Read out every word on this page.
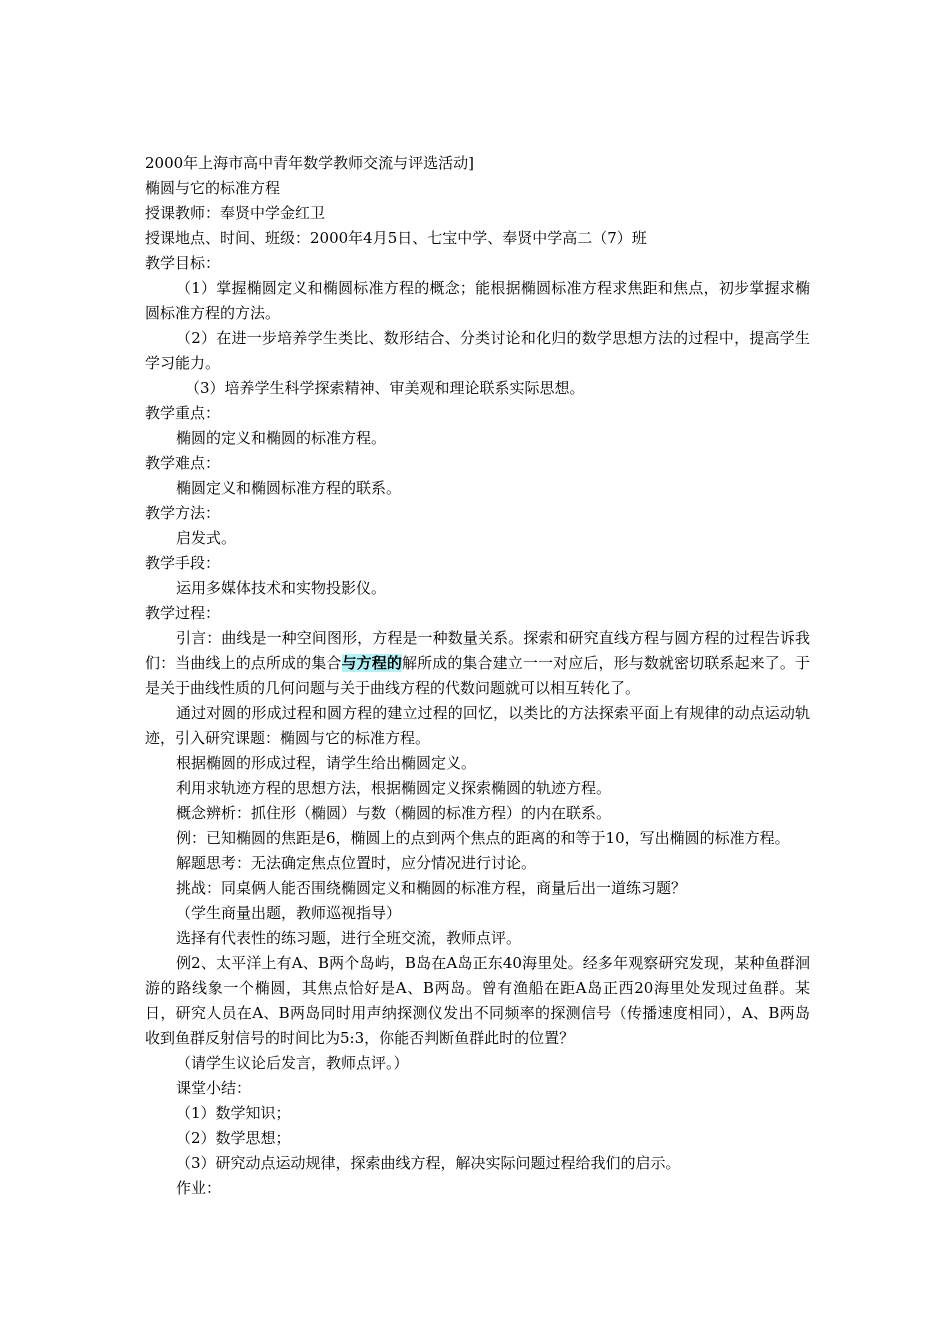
2000年上海市高中青年数学教师交流与评选活动]
椭圆与它的标准方程
授课教师：奉贤中学金红卫
授课地点、时间、班级：2000年4月5日、七宝中学、奉贤中学高二（7）班
教学目标：
（1）掌握椭圆定义和椭圆标准方程的概念；能根据椭圆标准方程求焦距和焦点，初步掌握求椭圆标准方程的方法。
（2）在进一步培养学生类比、数形结合、分类讨论和化归的数学思想方法的过程中，提高学生学习能力。
（3）培养学生科学探索精神、审美观和理论联系实际思想。
教学重点：
椭圆的定义和椭圆的标准方程。
教学难点：
椭圆定义和椭圆标准方程的联系。
教学方法：
启发式。
教学手段：
运用多媒体技术和实物投影仪。
教学过程：
引言：曲线是一种空间图形，方程是一种数量关系。探索和研究直线方程与圆方程的过程告诉我们：当曲线上的点所成的集合与方程的解所成的集合建立一一对应后，形与数就密切联系起来了。于是关于曲线性质的几何问题与关于曲线方程的代数问题就可以相互转化了。
通过对圆的形成过程和圆方程的建立过程的回忆，以类比的方法探索平面上有规律的动点运动轨迹，引入研究课题：椭圆与它的标准方程。
根据椭圆的形成过程，请学生给出椭圆定义。
利用求轨迹方程的思想方法，根据椭圆定义探索椭圆的轨迹方程。
概念辨析：抓住形（椭圆）与数（椭圆的标准方程）的内在联系。
例：已知椭圆的焦距是6，椭圆上的点到两个焦点的距离的和等于10，写出椭圆的标准方程。
解题思考：无法确定焦点位置时，应分情况进行讨论。
挑战：同桌俩人能否围绕椭圆定义和椭圆的标准方程，商量后出一道练习题？
（学生商量出题，教师巡视指导）
选择有代表性的练习题，进行全班交流，教师点评。
例2、太平洋上有A、B两个岛屿，B岛在A岛正东40海里处。经多年观察研究发现，某种鱼群洄游的路线象一个椭圆，其焦点恰好是A、B两岛。曾有渔船在距A岛正西20海里处发现过鱼群。某日，研究人员在A、B两岛同时用声纳探测仪发出不同频率的探测信号（传播速度相同），A、B两岛收到鱼群反射信号的时间比为5:3，你能否判断鱼群此时的位置？
（请学生议论后发言，教师点评。）
课堂小结：
（1）数学知识；
（2）数学思想；
（3）研究动点运动规律，探索曲线方程，解决实际问题过程给我们的启示。
作业：
